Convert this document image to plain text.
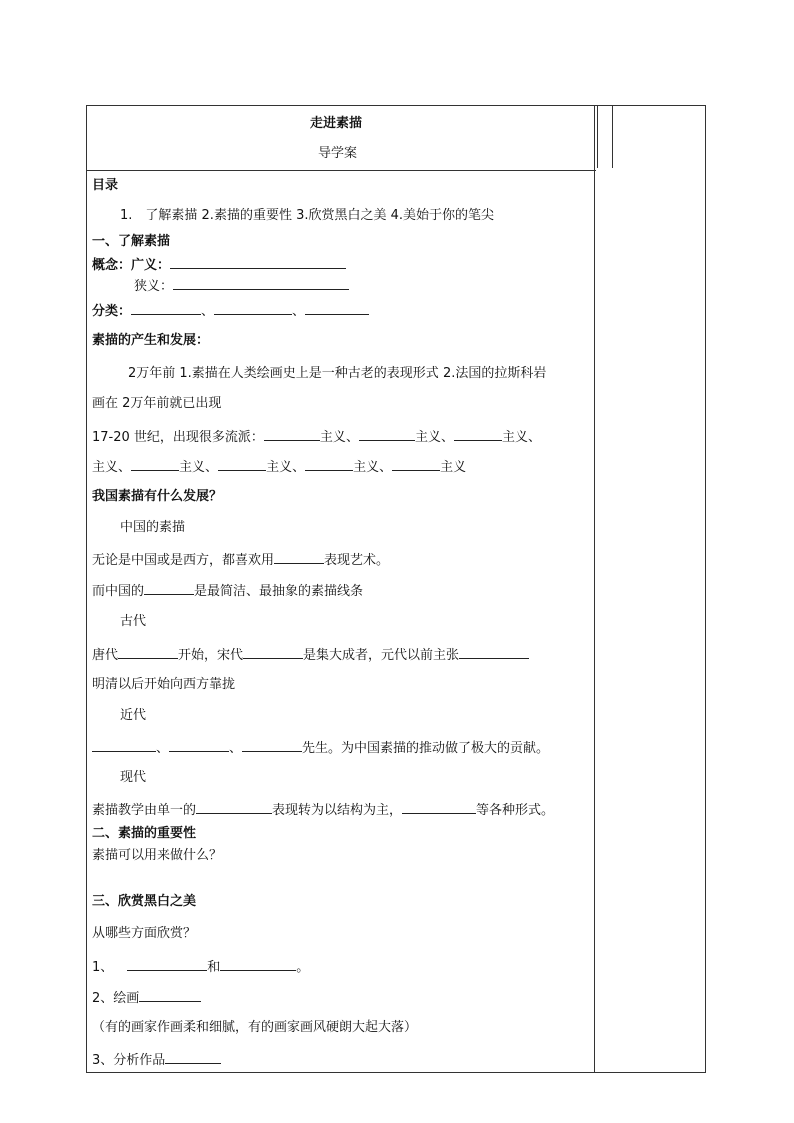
走进素描
导学案
目录
1.　了解素描 2.素描的重要性 3.欣赏黑白之美 4.美始于你的笔尖
一、了解素描
概念：广义：
狭义：
分类：	、	、
素描的产生和发展：
2万年前 1.素描在人类绘画史上是一种古老的表现形式 2.法国的拉斯科岩
画在 2万年前就已出现
17-20 世纪，出现很多流派：	主义、	主义、	主义、
主义、	主义、	主义、	主义、	主义
我国素描有什么发展？
中国的素描
无论是中国或是西方，都喜欢用	表现艺术。
而中国的	是最简洁、最抽象的素描线条
古代
唐代	开始，宋代	是集大成者，元代以前主张
明清以后开始向西方靠拢
近代
、	、	先生。为中国素描的推动做了极大的贡献。
现代
素描教学由单一的	表现转为以结构为主，	等各种形式。
二、素描的重要性
素描可以用来做什么？
三、欣赏黑白之美
从哪些方面欣赏？
1、	和	。
2、绘画
（有的画家作画柔和细腻，有的画家画风硬朗大起大落）
3、分析作品
